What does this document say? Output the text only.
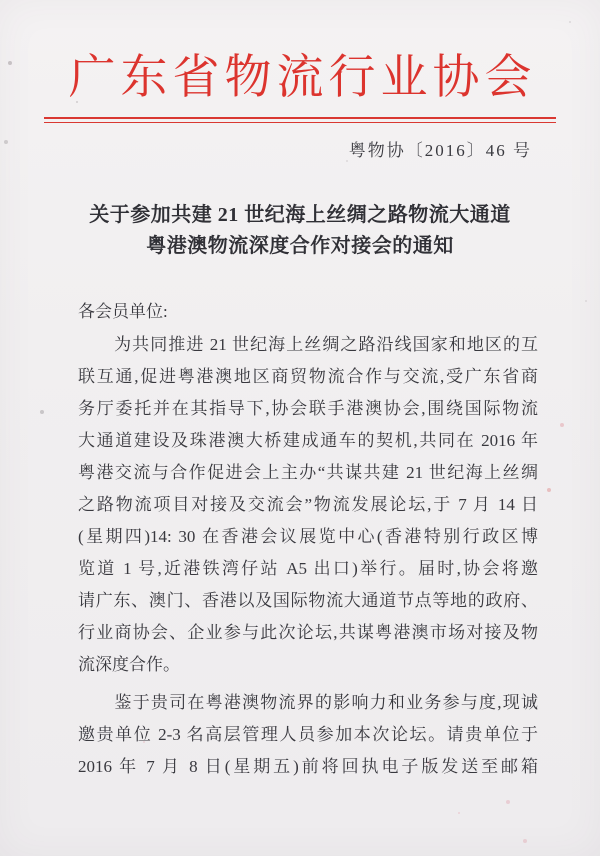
广东省物流行业协会
粤物协〔2016〕46 号
关于参加共建 21 世纪海上丝绸之路物流大通道
粤港澳物流深度合作对接会的通知
各会员单位:
　　为共同推进 21 世纪海上丝绸之路沿线国家和地区的互
联互通,促进粤港澳地区商贸物流合作与交流,受广东省商
务厅委托并在其指导下,协会联手港澳协会,围绕国际物流
大通道建设及珠港澳大桥建成通车的契机,共同在 2016 年
粤港交流与合作促进会上主办“共谋共建 21 世纪海上丝绸
之路物流项目对接及交流会”物流发展论坛,于 7 月 14 日
(星期四)14: 30 在香港会议展览中心(香港特别行政区博
览道 1 号,近港铁湾仔站 A5 出口)举行。届时,协会将邀
请广东、澳门、香港以及国际物流大通道节点等地的政府、
行业商协会、企业参与此次论坛,共谋粤港澳市场对接及物
流深度合作。
　　鉴于贵司在粤港澳物流界的影响力和业务参与度,现诚
邀贵单位 2-3 名高层管理人员参加本次论坛。请贵单位于
2016 年 7 月 8 日(星期五)前将回执电子版发送至邮箱
